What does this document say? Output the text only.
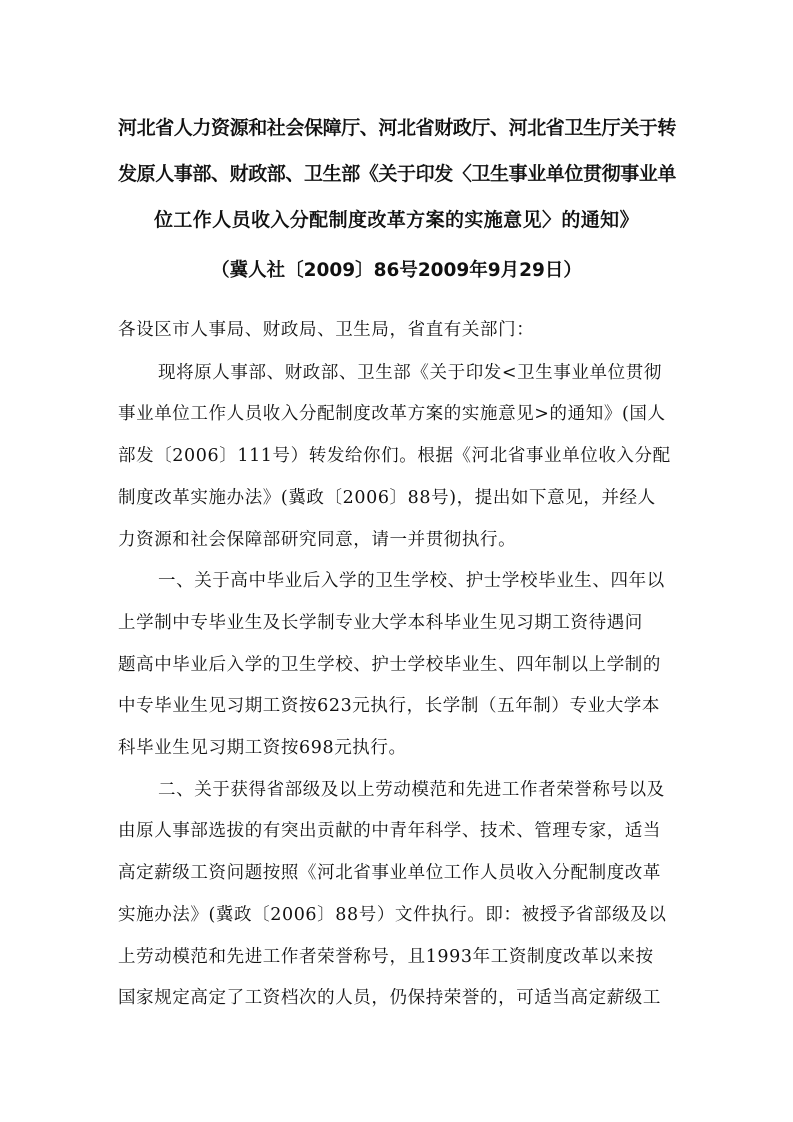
河北省人力资源和社会保障厅、河北省财政厅、河北省卫生厅关于转
发原人事部、财政部、卫生部《关于印发〈卫生事业单位贯彻事业单
位工作人员收入分配制度改革方案的实施意见〉的通知》
（冀人社〔2009〕86号2009年9月29日）
各设区市人事局、财政局、卫生局，省直有关部门：
现将原人事部、财政部、卫生部《关于印发<卫生事业单位贯彻
事业单位工作人员收入分配制度改革方案的实施意见>的通知》(国人
部发〔2006〕111号）转发给你们。根据《河北省事业单位收入分配
制度改革实施办法》(冀政〔2006〕88号)，提出如下意见，并经人
力资源和社会保障部研究同意，请一并贯彻执行。
一、关于高中毕业后入学的卫生学校、护士学校毕业生、四年以
上学制中专毕业生及长学制专业大学本科毕业生见习期工资待遇问
题高中毕业后入学的卫生学校、护士学校毕业生、四年制以上学制的
中专毕业生见习期工资按623元执行，长学制（五年制）专业大学本
科毕业生见习期工资按698元执行。
二、关于获得省部级及以上劳动模范和先进工作者荣誉称号以及
由原人事部选拔的有突出贡献的中青年科学、技术、管理专家，适当
高定薪级工资问题按照《河北省事业单位工作人员收入分配制度改革
实施办法》(冀政〔2006〕88号）文件执行。即：被授予省部级及以
上劳动模范和先进工作者荣誉称号，且1993年工资制度改革以来按
国家规定高定了工资档次的人员，仍保持荣誉的，可适当高定薪级工
